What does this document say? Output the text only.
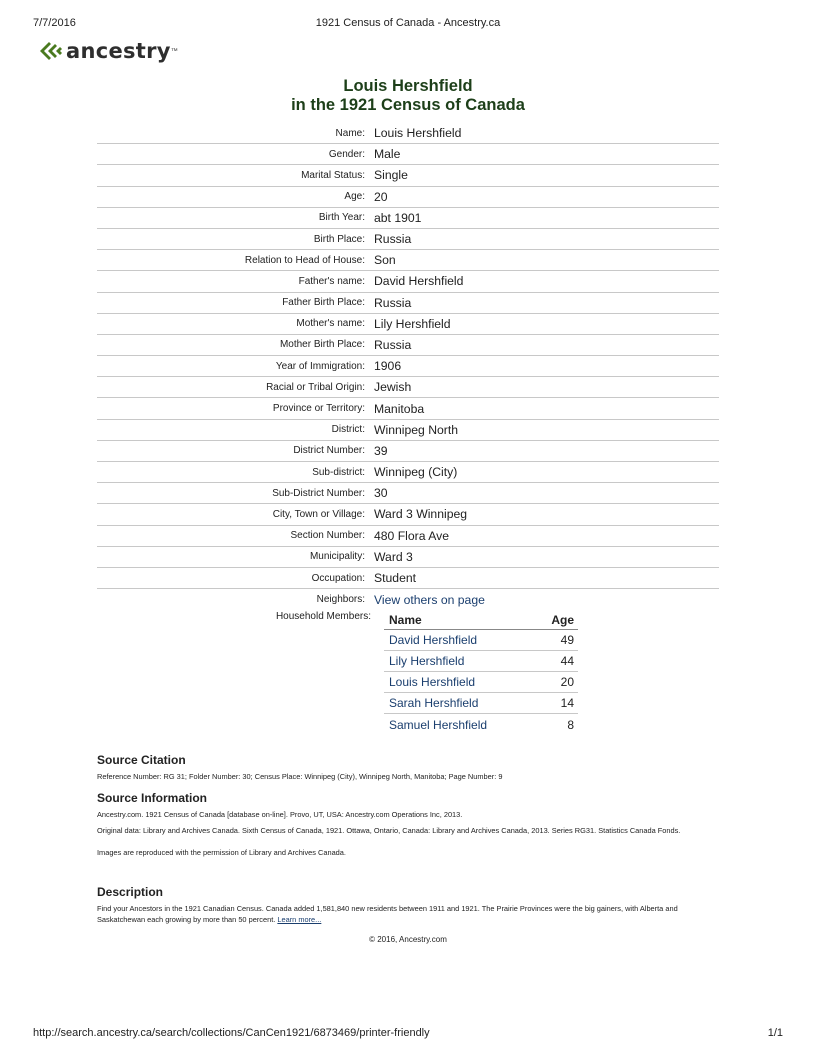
7/7/2016	1921 Census of Canada - Ancestry.ca
ancestry ™
Louis Hershfield
in the 1921 Census of Canada
Name: Louis Hershfield
Gender: Male
Marital Status: Single
Age: 20
Birth Year: abt 1901
Birth Place: Russia
Relation to Head of House: Son
Father's name: David Hershfield
Father Birth Place: Russia
Mother's name: Lily Hershfield
Mother Birth Place: Russia
Year of Immigration: 1906
Racial or Tribal Origin: Jewish
Province or Territory: Manitoba
District: Winnipeg North
District Number: 39
Sub-district: Winnipeg (City)
Sub-District Number: 30
City, Town or Village: Ward 3 Winnipeg
Section Number: 480 Flora Ave
Municipality: Ward 3
Occupation: Student
Neighbors: View others on page
Household Members:	Name	Age
David Hershfield	49
Lily Hershfield	44
Louis Hershfield	20
Sarah Hershfield	14
Samuel Hershfield	8
Source Citation

Reference Number: RG 31; Folder Number: 30; Census Place: Winnipeg (City), Winnipeg North, Manitoba; Page Number: 9

Source Information

Ancestry.com. 1921 Census of Canada [database on-line]. Provo, UT, USA: Ancestry.com Operations Inc, 2013.

Original data: Library and Archives Canada. Sixth Census of Canada, 1921. Ottawa, Ontario, Canada: Library and Archives Canada, 2013. Series RG31. Statistics Canada Fonds.

Images are reproduced with the permission of Library and Archives Canada.

Description

Find your Ancestors in the 1921 Canadian Census. Canada added 1,581,840 new residents between 1911 and 1921. The Prairie Provinces were the big gainers, with Alberta and Saskatchewan each growing by more than 50 percent. Learn more...

© 2016, Ancestry.com
http://search.ancestry.ca/search/collections/CanCen1921/6873469/printer-friendly	1/1
